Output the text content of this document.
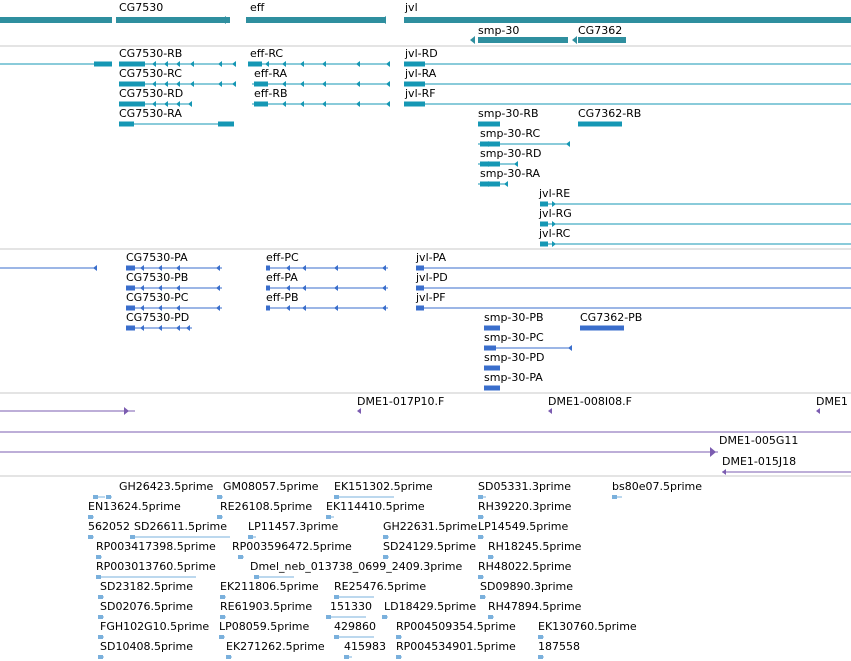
CG7530	eff	jvl
smp-30	CG7362
CG7530-RB	eff-RC	jvl-RD
CG7530-RC	eff-RA	jvl-RA
CG7530-RD	eff-RB	jvl-RF
CG7530-RA	smp-30-RB	CG7362-RB
smp-30-RC
smp-30-RD
smp-30-RA
jvl-RE
jvl-RG
jvl-RC
CG7530-PA	eff-PC	jvl-PA
CG7530-PB	eff-PA	jvl-PD
CG7530-PC	eff-PB	jvl-PF
CG7530-PD	smp-30-PB	CG7362-PB
smp-30-PC
smp-30-PD
smp-30-PA
DME1-017P10.F	DME1-008I08.F	DME1
DME1-005G11
DME1-015J18
GH26423.5prime GM08057.5prime EK151302.5prime	SD05331.3prime	bs80e07.5prime
EN13624.5prime	RE26108.5prime EK114410.5prime	RH39220.3prime
562052 SD26611.5prime LP11457.3prime	GH22631.5prime LP14549.5prime
RP003417398.5prime RP003596472.5prime	SD24129.5prime RH18245.5prime
RP003013760.5prime	Dmel_neb_013738_0699_2409.3prime RH48022.5prime
SD23182.5prime EK211806.5prime RE25476.5prime	SD09890.3prime
SD02076.5prime RE61903.5prime 151330 LD18429.5prime RH47894.5prime
FGH102G10.5prime LP08059.5prime 429860 RP004509354.5prime EK130760.5prime
SD10408.5prime	EK271262.5prime 415983 RP004534901.5prime 187558
